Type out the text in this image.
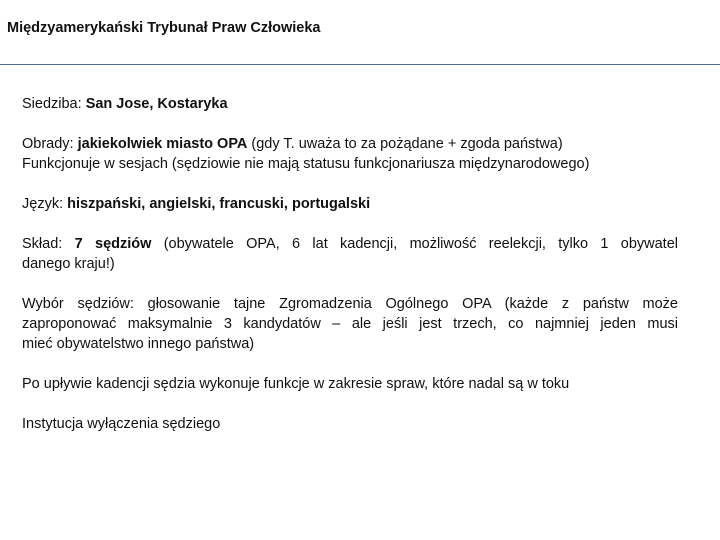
Międzyamerykański Trybunał Praw Człowieka

Siedziba: San Jose, Kostaryka

Obrady: jakiekolwiek miasto OPA (gdy T. uważa to za pożądane + zgoda państwa)
Funkcjonuje w sesjach (sędziowie nie mają statusu funkcjonariusza międzynarodowego)

Język: hiszpański, angielski, francuski, portugalski

Skład: 7 sędziów (obywatele OPA, 6 lat kadencji, możliwość reelekcji, tylko 1 obywatel
danego kraju!)

Wybór sędziów: głosowanie tajne Zgromadzenia Ogólnego OPA (każde z państw może
zaproponować maksymalnie 3 kandydatów – ale jeśli jest trzech, co najmniej jeden musi
mieć obywatelstwo innego państwa)

Po upływie kadencji sędzia wykonuje funkcje w zakresie spraw, które nadal są w toku

Instytucja wyłączenia sędziego
